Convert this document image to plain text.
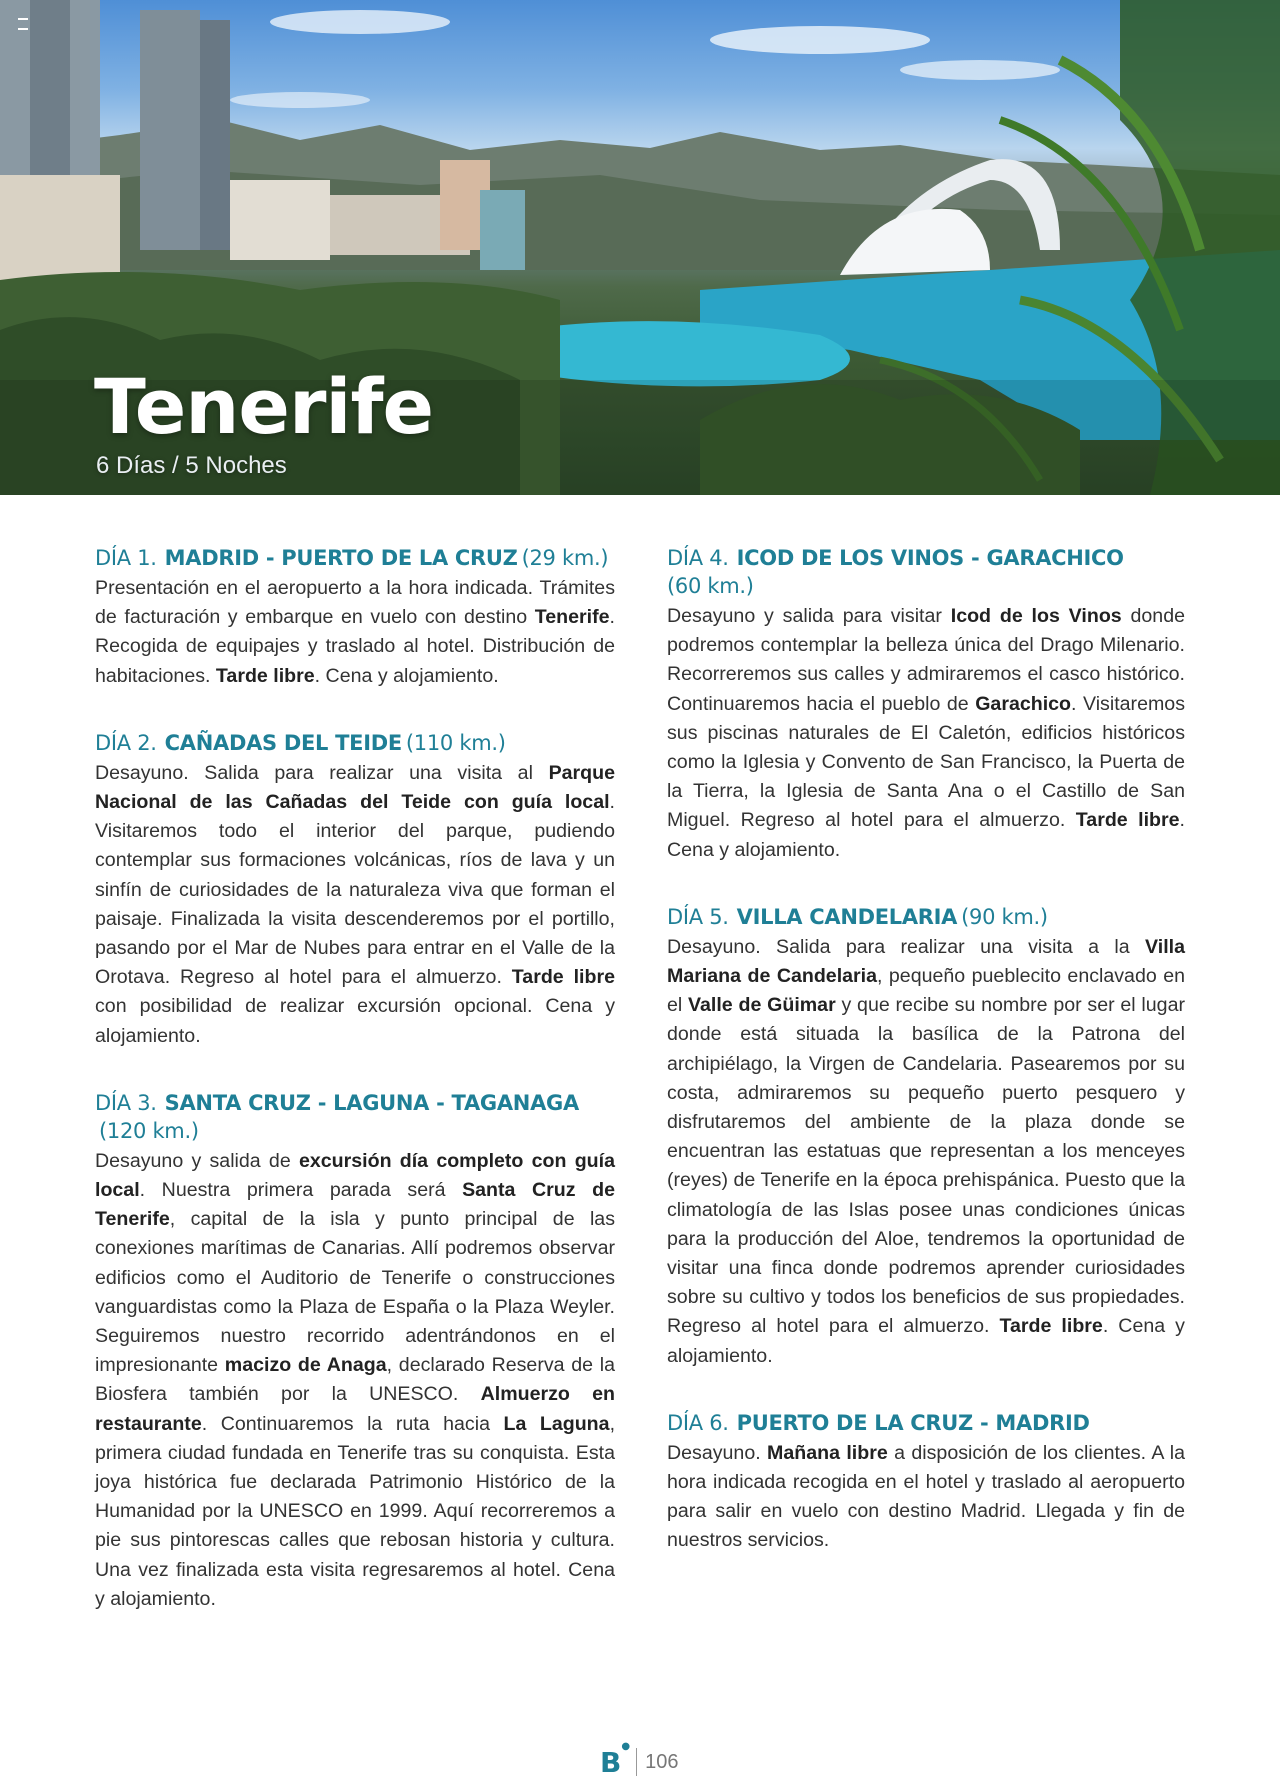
Tenerife
6 Días / 5 Noches
DÍA 1. MADRID - PUERTO DE LA CRUZ (29 km.)

Presentación en el aeropuerto a la hora indicada. Trámites de facturación y embarque en vuelo con destino Tenerife. Recogida de equipajes y traslado al hotel. Distribución de habitaciones. Tarde libre. Cena y alojamiento.

DÍA 2. CAÑADAS DEL TEIDE (110 km.)

Desayuno. Salida para realizar una visita al Parque Nacional de las Cañadas del Teide con guía local. Visitaremos todo el interior del parque, pudiendo contemplar sus formaciones volcánicas, ríos de lava y un sinfín de curiosidades de la naturaleza viva que forman el paisaje. Finalizada la visita descenderemos por el portillo, pasando por el Mar de Nubes para entrar en el Valle de la Orotava. Regreso al hotel para el almuerzo. Tarde libre con posibilidad de realizar excursión opcional. Cena y alojamiento.

DÍA 3. SANTA CRUZ - LAGUNA - TAGANAGA (120 km.)

Desayuno y salida de excursión día completo con guía local. Nuestra primera parada será Santa Cruz de Tenerife, capital de la isla y punto principal de las conexiones marítimas de Canarias. Allí podremos observar edificios como el Auditorio de Tenerife o construcciones vanguardistas como la Plaza de España o la Plaza Weyler. Seguiremos nuestro recorrido adentrándonos en el impresionante macizo de Anaga, declarado Reserva de la Biosfera también por la UNESCO. Almuerzo en restaurante. Continuaremos la ruta hacia La Laguna, primera ciudad fundada en Tenerife tras su conquista. Esta joya histórica fue declarada Patrimonio Histórico de la Humanidad por la UNESCO en 1999. Aquí recorreremos a pie sus pintorescas calles que rebosan historia y cultura. Una vez finalizada esta visita regresaremos al hotel. Cena y alojamiento.

DÍA 4. ICOD DE LOS VINOS - GARACHICO
(60 km.)

Desayuno y salida para visitar Icod de los Vinos donde podremos contemplar la belleza única del Drago Milenario. Recorreremos sus calles y admiraremos el casco histórico. Continuaremos hacia el pueblo de Garachico. Visitaremos sus piscinas naturales de El Caletón, edificios históricos como la Iglesia y Convento de San Francisco, la Puerta de la Tierra, la Iglesia de Santa Ana o el Castillo de San Miguel. Regreso al hotel para el almuerzo. Tarde libre. Cena y alojamiento.

DÍA 5. VILLA CANDELARIA (90 km.)

Desayuno. Salida para realizar una visita a la Villa Mariana de Candelaria, pequeño pueblecito enclavado en el Valle de Güimar y que recibe su nombre por ser el lugar donde está situada la basílica de la Patrona del archipiélago, la Virgen de Candelaria. Pasearemos por su costa, admiraremos su pequeño puerto pesquero y disfrutaremos del ambiente de la plaza donde se encuentran las estatuas que representan a los menceyes (reyes) de Tenerife en la época prehispánica. Puesto que la climatología de las Islas posee unas condiciones únicas para la producción del Aloe, tendremos la oportunidad de visitar una finca donde podremos aprender curiosidades sobre su cultivo y todos los beneficios de sus propiedades. Regreso al hotel para el almuerzo. Tarde libre. Cena y alojamiento.

DÍA 6. PUERTO DE LA CRUZ - MADRID

Desayuno. Mañana libre a disposición de los clientes. A la hora indicada recogida en el hotel y traslado al aeropuerto para salir en vuelo con destino Madrid. Llegada y fin de nuestros servicios.

B●
106
